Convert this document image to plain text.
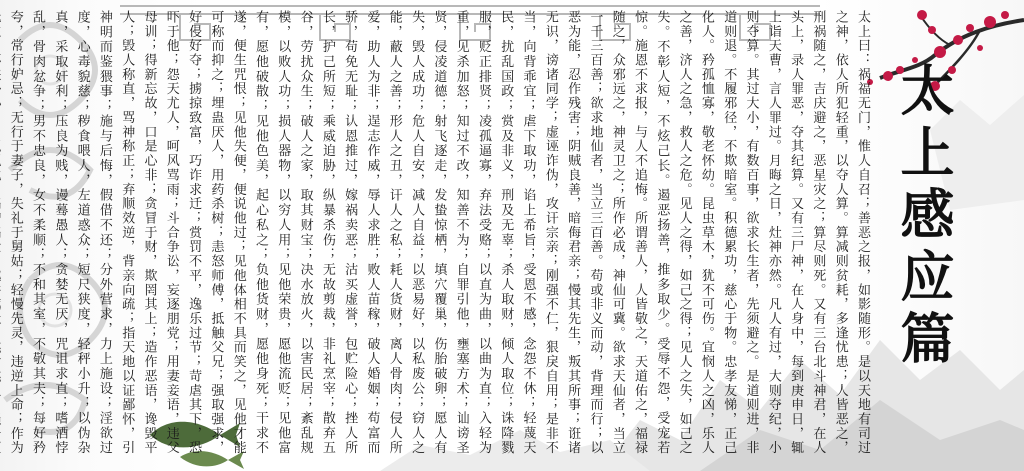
太上曰：祸福无门，惟人自召；善恶之报，如影随形。是以天地有司过之神，依人所犯轻重，以夺人算。算减则贫耗，多逢忧患；人皆恶之，刑祸随之，吉庆避之，恶星灾之；算尽则死。又有三台北斗神君，在人头上，录人罪恶，夺其纪算。又有三尸神，在人身中，每到庚申日，辄上诣天曹，言人罪过。月晦之日，灶神亦然。凡人有过，大则夺纪，小则夺算。其过大小，有数百事，欲求长生者，先须避之。是道则进，非道则退。不履邪径，不欺暗室。积德累功，慈心于物。忠孝友悌，正己化人。矜孤恤寡，敬老怀幼。昆虫草木，犹不可伤。宜悯人之凶，乐人之善，济人之急，救人之危。见人之得，如己之得；见人之失，如己之失。不彰人短，不炫己长。遏恶扬善，推多取少。受辱不怨，受宠若惊。施恩不求报，与人不追悔。所谓善人，人皆敬之，天道佑之，福禄随之，众邪远之，神灵卫之；所作必成，神仙可冀。欲求天仙者，当立一千三百善；欲求地仙者，当立三百善。苟或非义而动，背理而行；以恶为能，忍作残害；阴贼良善，暗侮君亲；慢其先生，叛其所事；诳诸无识，谤诸同学；虚诬诈伪，攻讦宗亲；刚强不仁，狠戾自用；是非不当，向背乖宜；虐下取功，谄上希旨；受恩不感，念怨不休；轻蔑天民，扰乱国政；赏及非义，刑及无辜；杀人取财，倾人取位；诛降戮服，贬正排贤；凌孤逼寡，弃法受赂；以直为曲，以曲为直；入轻为重，见杀加怒；知过不改，知善不为；自罪引他，壅塞方术；讪谤圣贤，侵凌道德；射飞逐走，发蛰惊栖，填穴覆巢，伤胎破卵；愿人有失，毁人成功；危人自安，减人自益；以恶易好，以私废公；窃人之能，蔽人之善；形人之丑，讦人之私；耗人货财，离人骨肉；侵人所爱，助人为非；逞志作威，辱人求胜；败人苗稼，破人婚姻；苟富而骄，苟免无耻；认恩推过，嫁祸卖恶；沽买虚誉，包贮险心；挫人所长，护己所短；乘威迫胁，纵暴杀伤；无故剪裁，非礼烹宰；散弃五谷，劳扰众生；破人之家，取其财宝；决水放火，以害民居；紊乱规模，以败人功；损人器物，以穷人用；见他荣贵，愿他流贬；见他富有，愿他破散；见他色美，起心私之；负他货财，愿他身死；干求不遂，便生咒恨；见他失便，便说他过；见他体相不具而笑之，见他才能可称而抑之；埋蛊厌人，用药杀树；恚怒师傅，抵触父兄；强取强求，好侵好夺；掳掠致富，巧诈求迁；赏罚不平，逸乐过节；苛虐其下，恐吓于他；怨天尤人，呵风骂雨；斗合争讼，妄逐朋党；用妻妾语，违父母训；得新忘故，口是心非；贪冒于财，欺罔其上；造作恶语，谗毁平人；毁人称直，骂神称正；弃顺效逆，背亲向疏；指天地以证鄙怀，引神明而鉴猥事；施与后悔，假借不还；分外营求，力上施设；淫欲过度，心毒貌慈；秽食喂人，左道惑众；短尺狭度，轻秤小升；以伪杂真，采取奸利；压良为贱，谩蓦愚人；贪婪无厌，咒诅求直；嗜酒悖乱，骨肉忿争；男不忠良，女不柔顺；不和其室，不敬其夫；每好矜夸，常行妒忌；无行于妻子，失礼于舅姑；轻慢先灵，违逆上命；作为
太上感应篇
